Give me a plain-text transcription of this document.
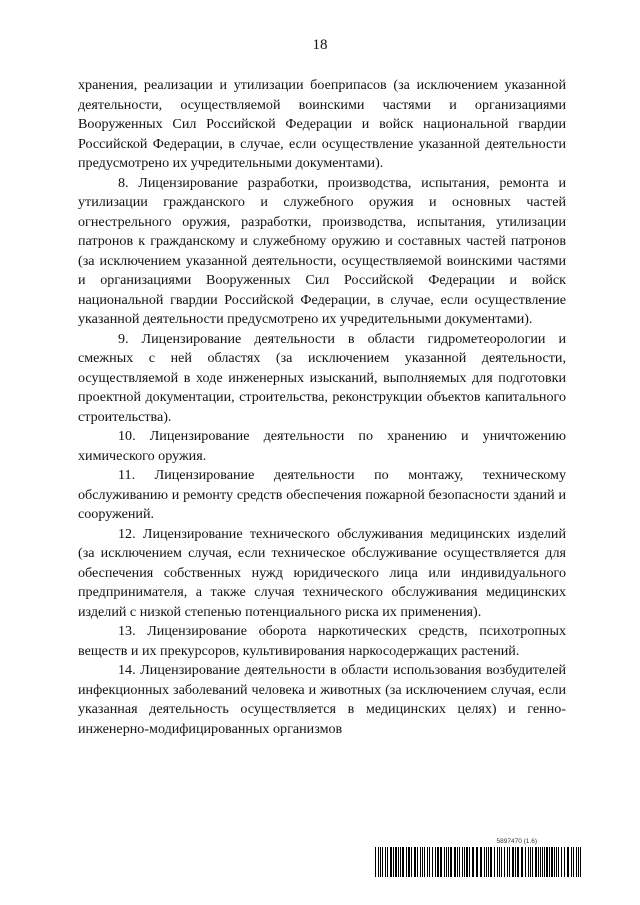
18

хранения, реализации и утилизации боеприпасов (за исключением указанной деятельности, осуществляемой воинскими частями и организациями Вооруженных Сил Российской Федерации и войск национальной гвардии Российской Федерации, в случае, если осуществление указанной деятельности предусмотрено их учредительными документами).

8. Лицензирование разработки, производства, испытания, ремонта и утилизации гражданского и служебного оружия и основных частей огнестрельного оружия, разработки, производства, испытания, утилизации патронов к гражданскому и служебному оружию и составных частей патронов (за исключением указанной деятельности, осуществляемой воинскими частями и организациями Вооруженных Сил Российской Федерации и войск национальной гвардии Российской Федерации, в случае, если осуществление указанной деятельности предусмотрено их учредительными документами).

9. Лицензирование деятельности в области гидрометеорологии и смежных с ней областях (за исключением указанной деятельности, осуществляемой в ходе инженерных изысканий, выполняемых для подготовки проектной документации, строительства, реконструкции объектов капитального строительства).

10. Лицензирование деятельности по хранению и уничтожению химического оружия.

11. Лицензирование деятельности по монтажу, техническому обслуживанию и ремонту средств обеспечения пожарной безопасности зданий и сооружений.

12. Лицензирование технического обслуживания медицинских изделий (за исключением случая, если техническое обслуживание осуществляется для обеспечения собственных нужд юридического лица или индивидуального предпринимателя, а также случая технического обслуживания медицинских изделий с низкой степенью потенциального риска их применения).

13. Лицензирование оборота наркотических средств, психотропных веществ и их прекурсоров, культивирования наркосодержащих растений.

14. Лицензирование деятельности в области использования возбудителей инфекционных заболеваний человека и животных (за исключением случая, если указанная деятельность осуществляется в медицинских целях) и генно-инженерно-модифицированных организмов

5897470 (1.6)
